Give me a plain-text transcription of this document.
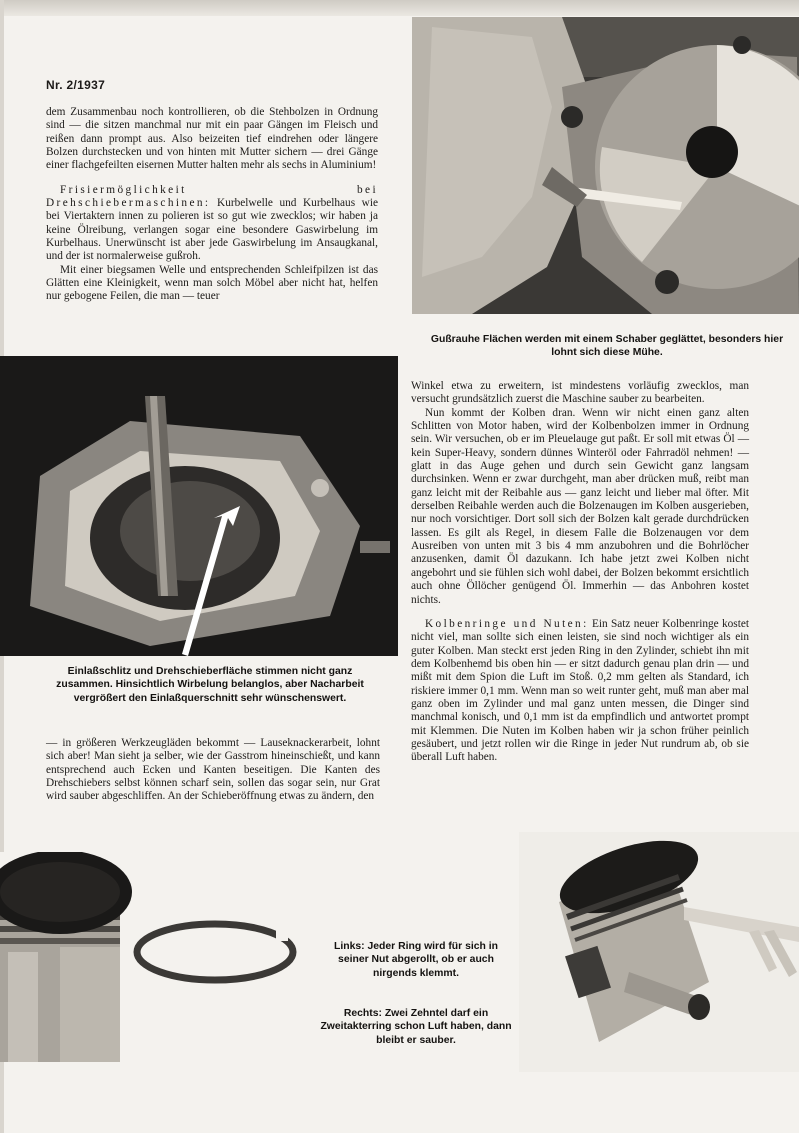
Nr. 2/1937

dem Zusammenbau noch kontrollieren, ob die Stehbolzen in Ordnung sind — die sitzen manchmal nur mit ein paar Gängen im Fleisch und reißen dann prompt aus. Also beizeiten tief eindrehen oder längere Bolzen durchstecken und von hinten mit Mutter sichern — drei Gänge einer flachgefeilten eisernen Mutter halten mehr als sechs in Aluminium!

Frisiermöglichkeit bei Drehschiebermaschinen: Kurbelwelle und Kurbelhaus wie bei Viertaktern innen zu polieren ist so gut wie zwecklos; wir haben ja keine Ölreibung, verlangen sogar eine besondere Gaswirbelung im Kurbelhaus. Unerwünscht ist aber jede Gaswirbelung im Ansaugkanal, und der ist normalerweise gußroh.

Mit einer biegsamen Welle und entsprechenden Schleifpilzen ist das Glätten eine Kleinigkeit, wenn man solch Möbel aber nicht hat, helfen nur gebogene Feilen, die man — teuer

Gußrauhe Flächen werden mit einem Schaber geglättet, besonders hier lohnt sich diese Mühe.
Einlaßschlitz und Drehschieberfläche stimmen nicht ganz zusammen. Hinsichtlich Wirbelung belanglos, aber Nacharbeit vergrößert den Einlaßquerschnitt sehr wünschenswert.

— in größeren Werkzeugläden bekommt — Lauseknackerarbeit, lohnt sich aber! Man sieht ja selber, wie der Gasstrom hineinschießt, und kann entsprechend auch Ecken und Kanten beseitigen. Die Kanten des Drehschiebers selbst können scharf sein, sollen das sogar sein, nur Grat wird sauber abgeschliffen. An der Schieberöffnung etwas zu ändern, den

Winkel etwa zu erweitern, ist mindestens vorläufig zwecklos, man versucht grundsätzlich zuerst die Maschine sauber zu bearbeiten.

Nun kommt der Kolben dran. Wenn wir nicht einen ganz alten Schlitten von Motor haben, wird der Kolbenbolzen immer in Ordnung sein. Wir versuchen, ob er im Pleuelauge gut paßt. Er soll mit etwas Öl — kein Super-Heavy, sondern dünnes Winteröl oder Fahrradöl nehmen! — glatt in das Auge gehen und durch sein Gewicht ganz langsam durchsinken. Wenn er zwar durchgeht, man aber drücken muß, reibt man ganz leicht mit der Reibahle aus — ganz leicht und lieber mal öfter. Mit derselben Reibahle werden auch die Bolzenaugen im Kolben ausgerieben, nur noch vorsichtiger. Dort soll sich der Bolzen kalt gerade durchdrücken lassen. Es gilt als Regel, in diesem Falle die Bolzenaugen vor dem Ausreiben von unten mit 3 bis 4 mm anzubohren und die Bohrlöcher anzusenken, damit Öl dazukann. Ich habe jetzt zwei Kolben nicht angebohrt und sie fühlen sich wohl dabei, der Bolzen bekommt ersichtlich auch ohne Öllöcher genügend Öl. Immerhin — das Anbohren kostet nichts.

Kolbenringe und Nuten: Ein Satz neuer Kolbenringe kostet nicht viel, man sollte sich einen leisten, sie sind noch wichtiger als ein guter Kolben. Man steckt erst jeden Ring in den Zylinder, schiebt ihn mit dem Kolbenhemd bis oben hin — er sitzt dadurch genau plan drin — und mißt mit dem Spion die Luft im Stoß. 0,2 mm gelten als Standard, ich riskiere immer 0,1 mm. Wenn man so weit runter geht, muß man aber mal ganz oben im Zylinder und mal ganz unten messen, die Dinger sind manchmal konisch, und 0,1 mm ist da empfindlich und antwortet prompt mit Klemmen. Die Nuten im Kolben haben wir ja schon früher peinlich gesäubert, und jetzt rollen wir die Ringe in jeder Nut rundrum ab, ob sie überall Luft haben.

Links: Jeder Ring wird für sich in seiner Nut abgerollt, ob er auch nirgends klemmt.
Rechts: Zwei Zehntel darf ein Zweitakterring schon Luft haben, dann bleibt er sauber.
